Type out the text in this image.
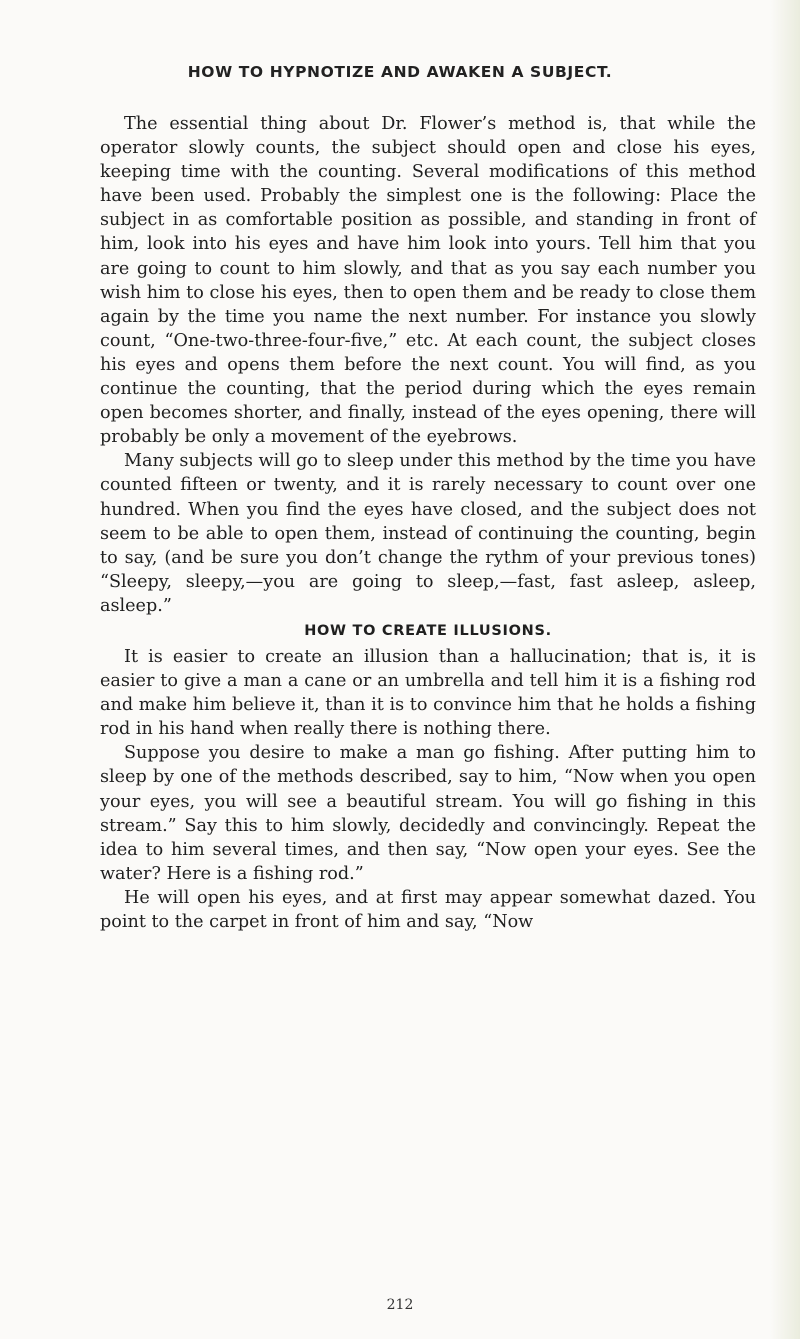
HOW TO HYPNOTIZE AND AWAKEN A SUBJECT.

The essential thing about Dr. Flower’s method is, that while the operator slowly counts, the subject should open and close his eyes, keeping time with the counting. Several modifications of this method have been used. Probably the simplest one is the following: Place the subject in as comfortable position as possible, and standing in front of him, look into his eyes and have him look into yours. Tell him that you are going to count to him slowly, and that as you say each number you wish him to close his eyes, then to open them and be ready to close them again by the time you name the next number. For instance you slowly count, “One-two-three-four-five,” etc. At each count, the subject closes his eyes and opens them before the next count. You will find, as you continue the counting, that the period during which the eyes remain open becomes shorter, and finally, instead of the eyes opening, there will probably be only a movement of the eyebrows.

Many subjects will go to sleep under this method by the time you have counted fifteen or twenty, and it is rarely necessary to count over one hundred. When you find the eyes have closed, and the subject does not seem to be able to open them, instead of continuing the counting, begin to say, (and be sure you don’t change the rythm of your previous tones) “Sleepy, sleepy,—you are going to sleep,—fast, fast asleep, asleep, asleep.”

HOW TO CREATE ILLUSIONS.

It is easier to create an illusion than a hallucination; that is, it is easier to give a man a cane or an umbrella and tell him it is a fishing rod and make him believe it, than it is to convince him that he holds a fishing rod in his hand when really there is nothing there.

Suppose you desire to make a man go fishing. After putting him to sleep by one of the methods described, say to him, “Now when you open your eyes, you will see a beautiful stream. You will go fishing in this stream.” Say this to him slowly, decidedly and convincingly. Repeat the idea to him several times, and then say, “Now open your eyes. See the water? Here is a fishing rod.”

He will open his eyes, and at first may appear somewhat dazed. You point to the carpet in front of him and say, “Now

212
